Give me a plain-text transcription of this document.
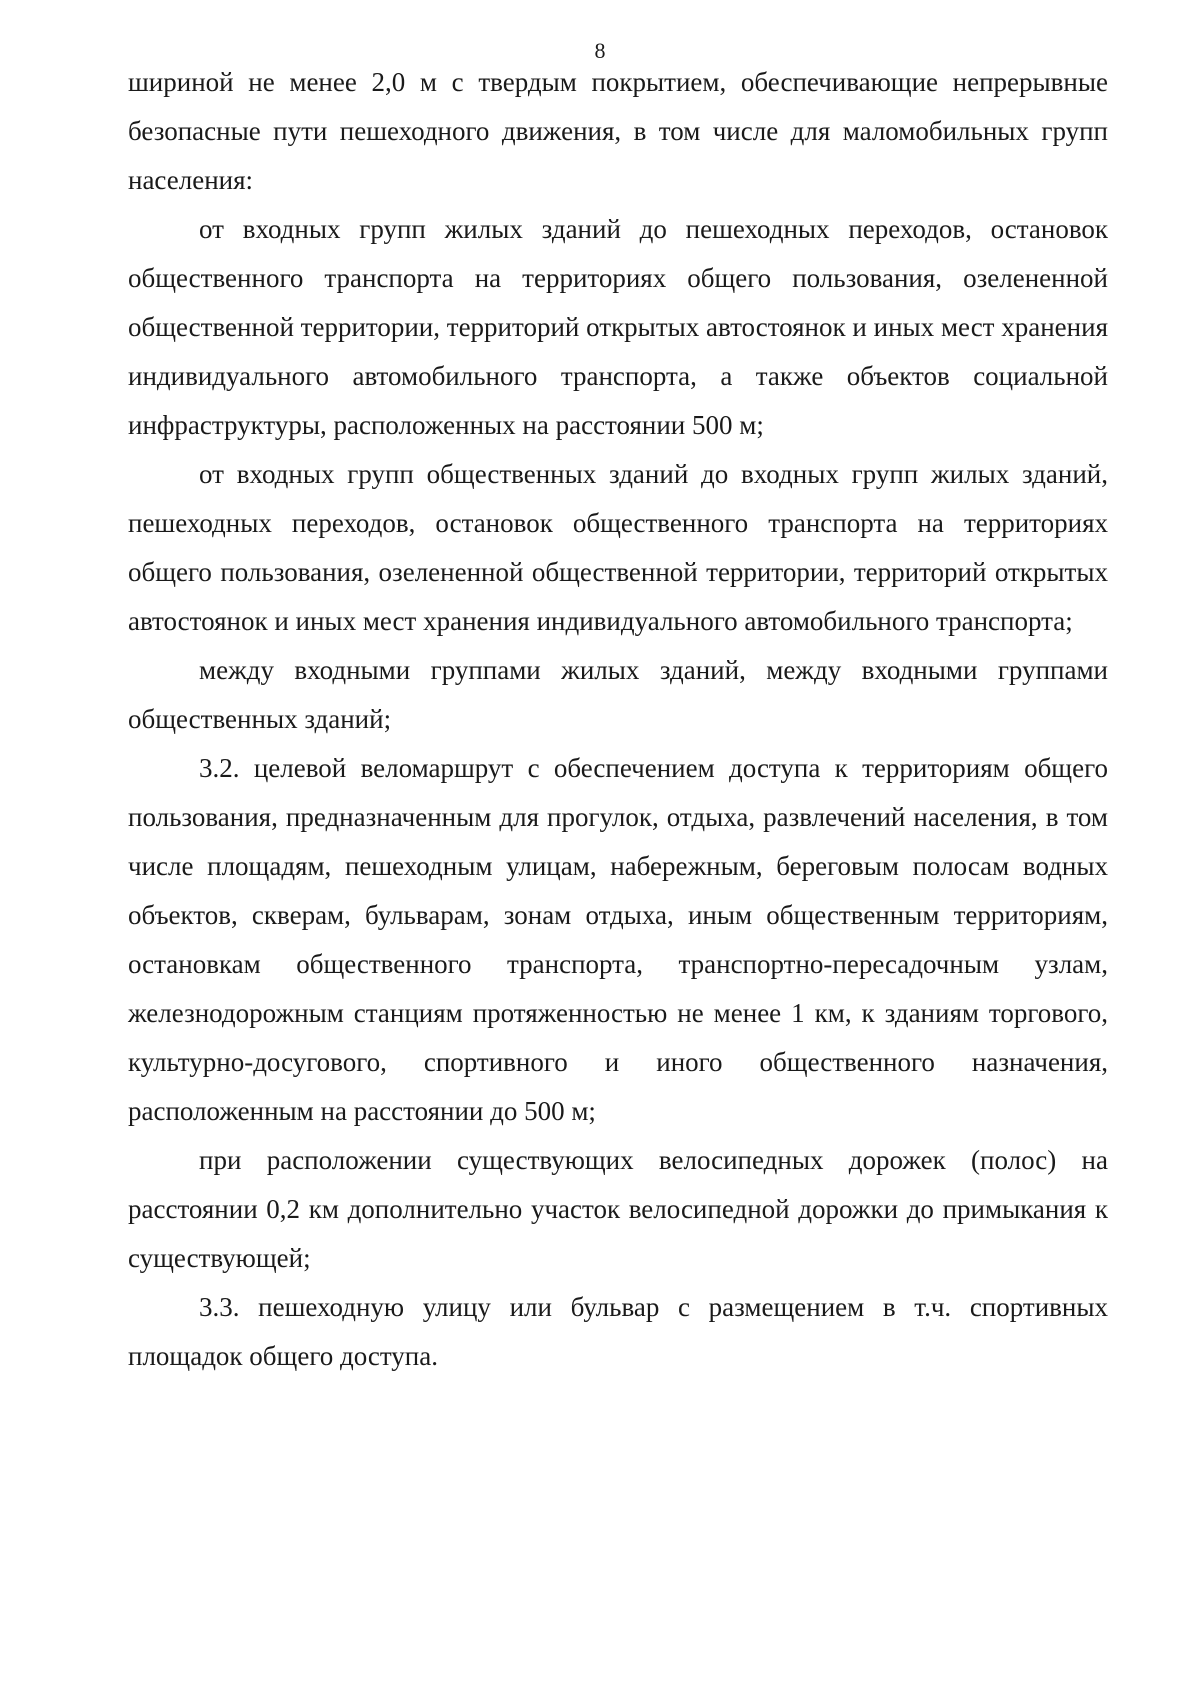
8

шириной не менее 2,0 м с твердым покрытием, обеспечивающие непрерывные безопасные пути пешеходного движения, в том числе для маломобильных групп населения:

от входных групп жилых зданий до пешеходных переходов, остановок общественного транспорта на территориях общего пользования, озелененной общественной территории, территорий открытых автостоянок и иных мест хранения индивидуального автомобильного транспорта, а также объектов социальной инфраструктуры, расположенных на расстоянии 500 м;

от входных групп общественных зданий до входных групп жилых зданий, пешеходных переходов, остановок общественного транспорта на территориях общего пользования, озелененной общественной территории, территорий открытых автостоянок и иных мест хранения индивидуального автомобильного транспорта;

между входными группами жилых зданий, между входными группами общественных зданий;

3.2. целевой веломаршрут с обеспечением доступа к территориям общего пользования, предназначенным для прогулок, отдыха, развлечений населения, в том числе площадям, пешеходным улицам, набережным, береговым полосам водных объектов, скверам, бульварам, зонам отдыха, иным общественным территориям, остановкам общественного транспорта, транспортно-пересадочным узлам, железнодорожным станциям протяженностью не менее 1 км, к зданиям торгового, культурно-досугового, спортивного и иного общественного назначения, расположенным на расстоянии до 500 м;

при расположении существующих велосипедных дорожек (полос) на расстоянии 0,2 км дополнительно участок велосипедной дорожки до примыкания к существующей;

3.3. пешеходную улицу или бульвар с размещением в т.ч. спортивных площадок общего доступа.
